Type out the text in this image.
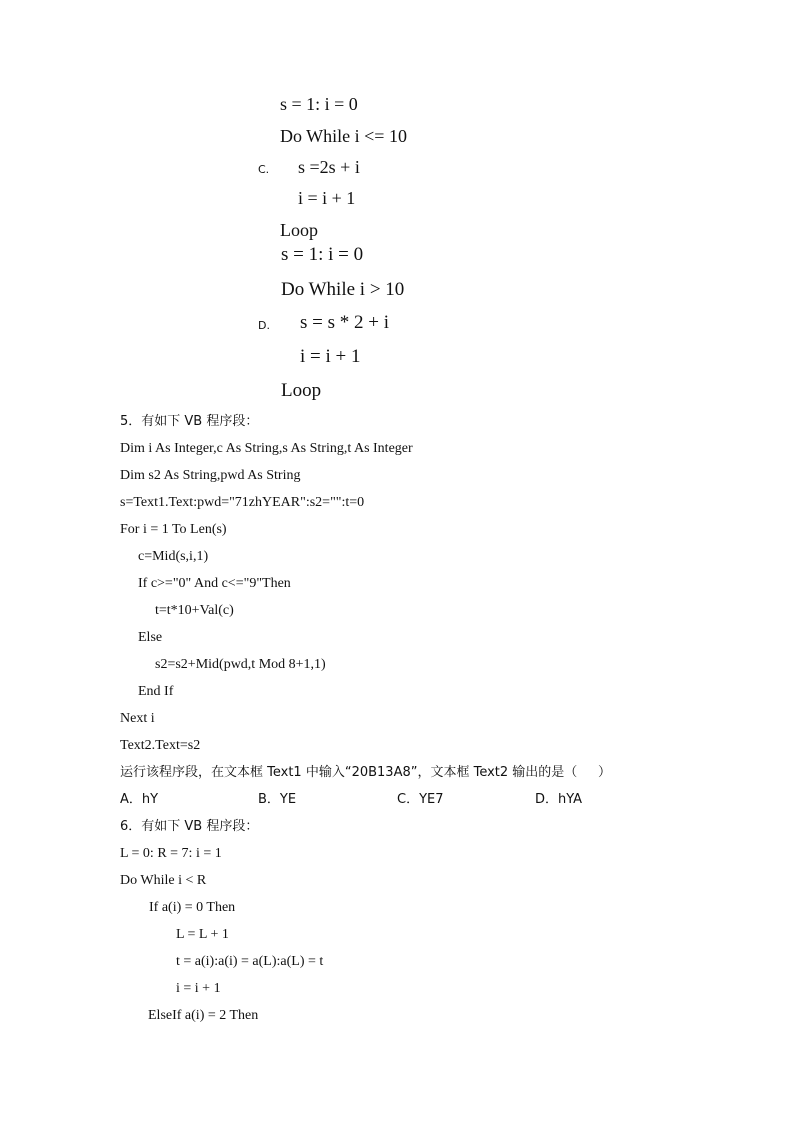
C.
s = 1: i = 0
Do While i <= 10
s =2s + i
i = i + 1
Loop
D.
s = 1: i = 0
Do While i > 10
s = s * 2 + i
i = i + 1
Loop
5．有如下 VB 程序段：
Dim i As Integer,c As String,s As String,t As Integer
Dim s2 As String,pwd As String
s=Text1.Text:pwd="71zhYEAR":s2="":t=0
For i = 1 To Len(s)
c=Mid(s,i,1)
If c>="0" And c<="9"Then
t=t*10+Val(c)
Else
s2=s2+Mid(pwd,t Mod 8+1,1)
End If
Next i
Text2.Text=s2
运行该程序段，在文本框 Text1 中输入“20B13A8”，文本框 Text2 输出的是（     ）
A．hY	B．YE	C．YE7	D．hYA
6．有如下 VB 程序段：
L = 0: R = 7: i = 1
Do While i < R
If a(i) = 0 Then
L = L + 1
t = a(i):a(i) = a(L):a(L) = t
i = i + 1
ElseIf a(i) = 2 Then
